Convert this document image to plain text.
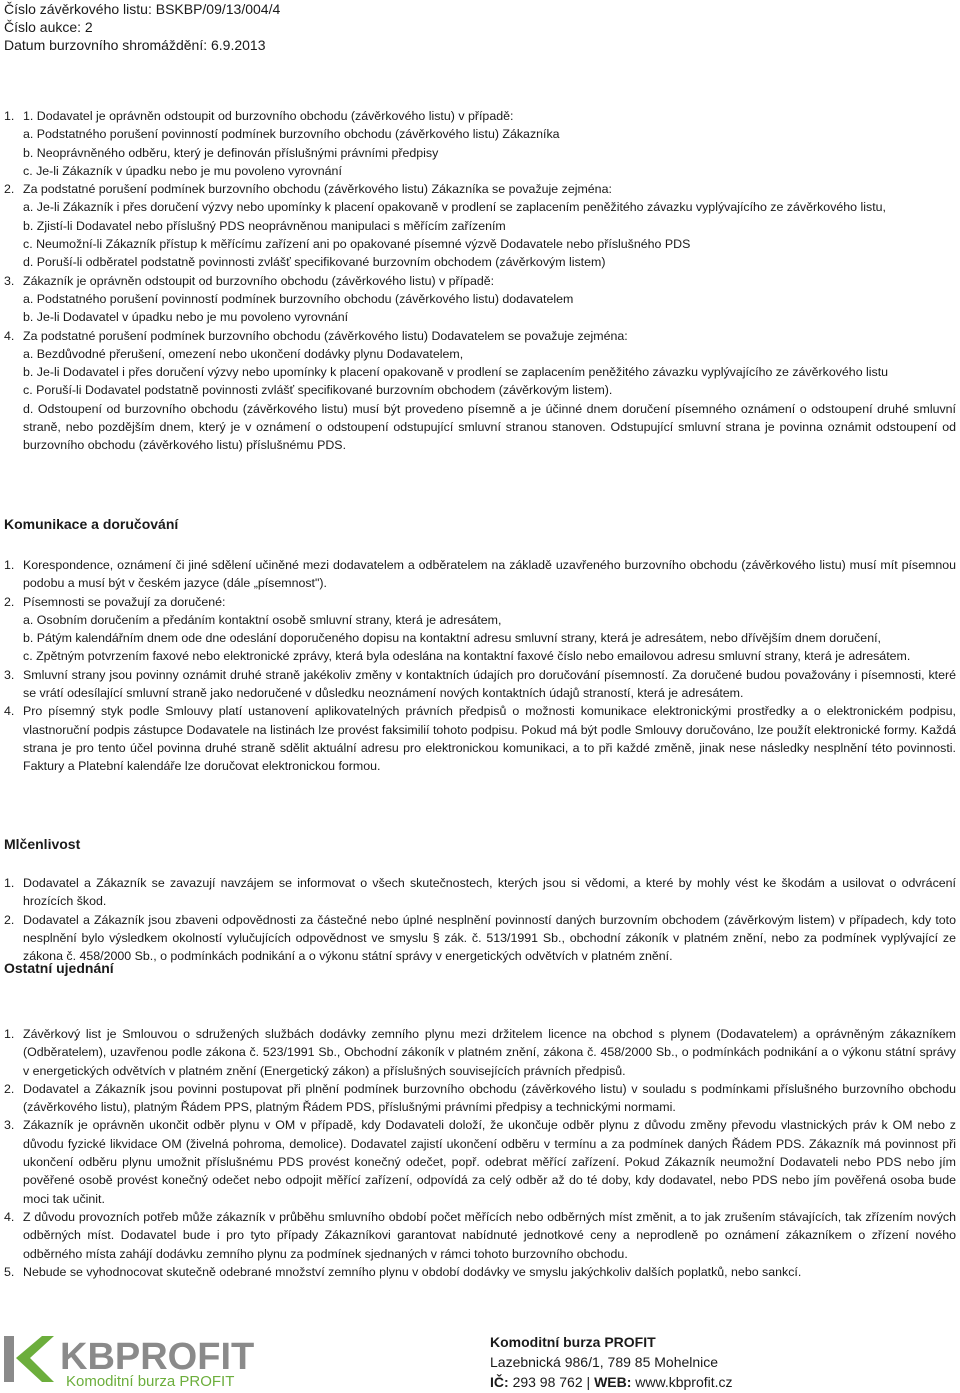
Číslo závěrkového listu: BSKBP/09/13/004/4
Číslo aukce: 2
Datum burzovního shromáždění: 6.9.2013
1. 1. Dodavatel je oprávněn odstoupit od burzovního obchodu (závěrkového listu) v případě:
a. Podstatného porušení povinností podmínek burzovního obchodu (závěrkového listu) Zákazníka
b. Neoprávněného odběru, který je definován příslušnými právními předpisy
c. Je-li Zákazník v úpadku nebo je mu povoleno vyrovnání
2. Za podstatné porušení podmínek burzovního obchodu (závěrkového listu) Zákazníka se považuje zejména:
a. Je-li Zákazník i přes doručení výzvy nebo upomínky k placení opakovaně v prodlení se zaplacením peněžitého závazku vyplývajícího ze závěrkového listu,
b. Zjistí-li Dodavatel nebo příslušný PDS neoprávněnou manipulaci s měřícím zařízením
c. Neumožní-li Zákazník přístup k měřícímu zařízení ani po opakované písemné výzvě Dodavatele nebo příslušného PDS
d. Poruší-li odběratel podstatně povinnosti zvlášť specifikované burzovním obchodem (závěrkovým listem)
3. Zákazník je oprávněn odstoupit od burzovního obchodu (závěrkového listu) v případě:
a. Podstatného porušení povinností podmínek burzovního obchodu (závěrkového listu) dodavatelem
b. Je-li Dodavatel v úpadku nebo je mu povoleno vyrovnání
4. Za podstatné porušení podmínek burzovního obchodu (závěrkového listu) Dodavatelem se považuje zejména:
a. Bezdůvodné přerušení, omezení nebo ukončení dodávky plynu Dodavatelem,
b. Je-li Dodavatel i přes doručení výzvy nebo upomínky k placení opakovaně v prodlení se zaplacením peněžitého závazku vyplývajícího ze závěrkového listu
c. Poruší-li Dodavatel podstatně povinnosti zvlášť specifikované burzovním obchodem (závěrkovým listem).
d. Odstoupení od burzovního obchodu (závěrkového listu) musí být provedeno písemně a je účinné dnem doručení písemného oznámení o odstoupení druhé smluvní straně, nebo pozdějším dnem, který je v oznámení o odstoupení odstupující smluvní stranou stanoven. Odstupující smluvní strana je povinna oznámit odstoupení od burzovního obchodu (závěrkového listu) příslušnému PDS.
Komunikace a doručování
1. Korespondence, oznámení či jiné sdělení učiněné mezi dodavatelem a odběratelem na základě uzavřeného burzovního obchodu (závěrkového listu) musí mít písemnou podobu a musí být v českém jazyce (dále „písemnost").
2. Písemnosti se považují za doručené:
a. Osobním doručením a předáním kontaktní osobě smluvní strany, která je adresátem,
b. Pátým kalendářním dnem ode dne odeslání doporučeného dopisu na kontaktní adresu smluvní strany, která je adresátem, nebo dřívějším dnem doručení,
c. Zpětným potvrzením faxové nebo elektronické zprávy, která byla odeslána na kontaktní faxové číslo nebo emailovou adresu smluvní strany, která je adresátem.
3. Smluvní strany jsou povinny oznámit druhé straně jakékoliv změny v kontaktních údajích pro doručování písemností. Za doručené budou považovány i písemnosti, které se vrátí odesílající smluvní straně jako nedoručené v důsledku neoznámení nových kontaktních údajů straností, která je adresátem.
4. Pro písemný styk podle Smlouvy platí ustanovení aplikovatelných právních předpisů o možnosti komunikace elektronickými prostředky a o elektronickém podpisu, vlastnoruční podpis zástupce Dodavatele na listinách lze provést faksimilií tohoto podpisu. Pokud má být podle Smlouvy doručováno, lze použít elektronické formy. Každá strana je pro tento účel povinna druhé straně sdělit aktuální adresu pro elektronickou komunikaci, a to při každé změně, jinak nese následky nesplnění této povinnosti. Faktury a Platební kalendáře lze doručovat elektronickou formou.
Mlčenlivost
1. Dodavatel a Zákazník se zavazují navzájem se informovat o všech skutečnostech, kterých jsou si vědomi, a které by mohly vést ke škodám a usilovat o odvrácení hrozících škod.
2. Dodavatel a Zákazník jsou zbaveni odpovědnosti za částečné nebo úplné nesplnění povinností daných burzovním obchodem (závěrkovým listem) v případech, kdy toto nesplnění bylo výsledkem okolností vylučujících odpovědnost ve smyslu § zák. č. 513/1991 Sb., obchodní zákoník v platném znění, nebo za podmínek vyplývající ze zákona č. 458/2000 Sb., o podmínkách podnikání a o výkonu státní správy v energetických odvětvích v platném znění.
Ostatní ujednání
1. Závěrkový list je Smlouvou o sdružených službách dodávky zemního plynu mezi držitelem licence na obchod s plynem (Dodavatelem) a oprávněným zákazníkem (Odběratelem), uzavřenou podle zákona č. 523/1991 Sb., Obchodní zákoník v platném znění, zákona č. 458/2000 Sb., o podmínkách podnikání a o výkonu státní správy v energetických odvětvích v platném znění (Energetický zákon) a příslušných souvisejících právních předpisů.
2. Dodavatel a Zákazník jsou povinni postupovat při plnění podmínek burzovního obchodu (závěrkového listu) v souladu s podmínkami příslušného burzovního obchodu (závěrkového listu), platným Řádem PPS, platným Řádem PDS, příslušnými právními předpisy a technickými normami.
3. Zákazník je oprávněn ukončit odběr plynu v OM v případě, kdy Dodavateli doloží, že ukončuje odběr plynu z důvodu změny převodu vlastnických práv k OM nebo z důvodu fyzické likvidace OM (živelná pohroma, demolice). Dodavatel zajistí ukončení odběru v termínu a za podmínek daných Řádem PDS. Zákazník má povinnost při ukončení odběru plynu umožnit příslušnému PDS provést konečný odečet, popř. odebrat měřící zařízení. Pokud Zákazník neumožní Dodavateli nebo PDS nebo jím pověřené osobě provést konečný odečet nebo odpojit měřící zařízení, odpovídá za celý odběr až do té doby, kdy dodavatel, nebo PDS nebo jím pověřená osoba bude moci tak učinit.
4. Z důvodu provozních potřeb může zákazník v průběhu smluvního období počet měřících nebo odběrných míst změnit, a to jak zrušením stávajících, tak zřízením nových odběrných míst. Dodavatel bude i pro tyto případy Zákazníkovi garantovat nabídnuté jednotkové ceny a neprodleně po oznámení zákazníkem o zřízení nového odběrného místa zahájí dodávku zemního plynu za podmínek sjednaných v rámci tohoto burzovního obchodu.
5. Nebude se vyhodnocovat skutečně odebrané množství zemního plynu v období dodávky ve smyslu jakýchkoliv dalších poplatků, nebo sankcí.
KBPROFIT
Komoditní burza PROFIT
Komoditní burza PROFIT
Lazebnická 986/1, 789 85 Mohelnice
IČ: 293 98 762 | WEB: www.kbprofit.cz
